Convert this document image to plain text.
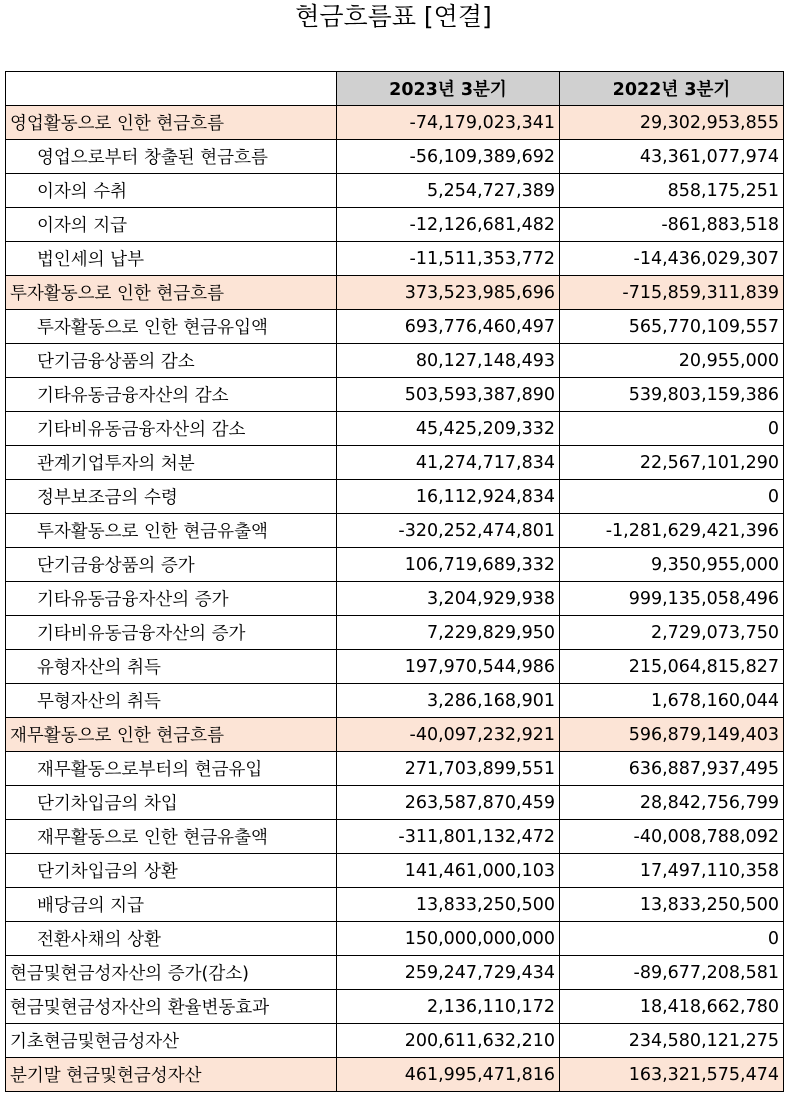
현금흐름표 [연결]
	2023년 3분기	2022년 3분기
영업활동으로 인한 현금흐름	-74,179,023,341	29,302,953,855
영업으로부터 창출된 현금흐름	-56,109,389,692	43,361,077,974
이자의 수취	5,254,727,389	858,175,251
이자의 지급	-12,126,681,482	-861,883,518
법인세의 납부	-11,511,353,772	-14,436,029,307
투자활동으로 인한 현금흐름	373,523,985,696	-715,859,311,839
투자활동으로 인한 현금유입액	693,776,460,497	565,770,109,557
단기금융상품의 감소	80,127,148,493	20,955,000
기타유동금융자산의 감소	503,593,387,890	539,803,159,386
기타비유동금융자산의 감소	45,425,209,332	0
관계기업투자의 처분	41,274,717,834	22,567,101,290
정부보조금의 수령	16,112,924,834	0
투자활동으로 인한 현금유출액	-320,252,474,801	-1,281,629,421,396
단기금융상품의 증가	106,719,689,332	9,350,955,000
기타유동금융자산의 증가	3,204,929,938	999,135,058,496
기타비유동금융자산의 증가	7,229,829,950	2,729,073,750
유형자산의 취득	197,970,544,986	215,064,815,827
무형자산의 취득	3,286,168,901	1,678,160,044
재무활동으로 인한 현금흐름	-40,097,232,921	596,879,149,403
재무활동으로부터의 현금유입	271,703,899,551	636,887,937,495
단기차입금의 차입	263,587,870,459	28,842,756,799
재무활동으로 인한 현금유출액	-311,801,132,472	-40,008,788,092
단기차입금의 상환	141,461,000,103	17,497,110,358
배당금의 지급	13,833,250,500	13,833,250,500
전환사채의 상환	150,000,000,000	0
현금및현금성자산의 증가(감소)	259,247,729,434	-89,677,208,581
현금및현금성자산의 환율변동효과	2,136,110,172	18,418,662,780
기초현금및현금성자산	200,611,632,210	234,580,121,275
분기말 현금및현금성자산	461,995,471,816	163,321,575,474
